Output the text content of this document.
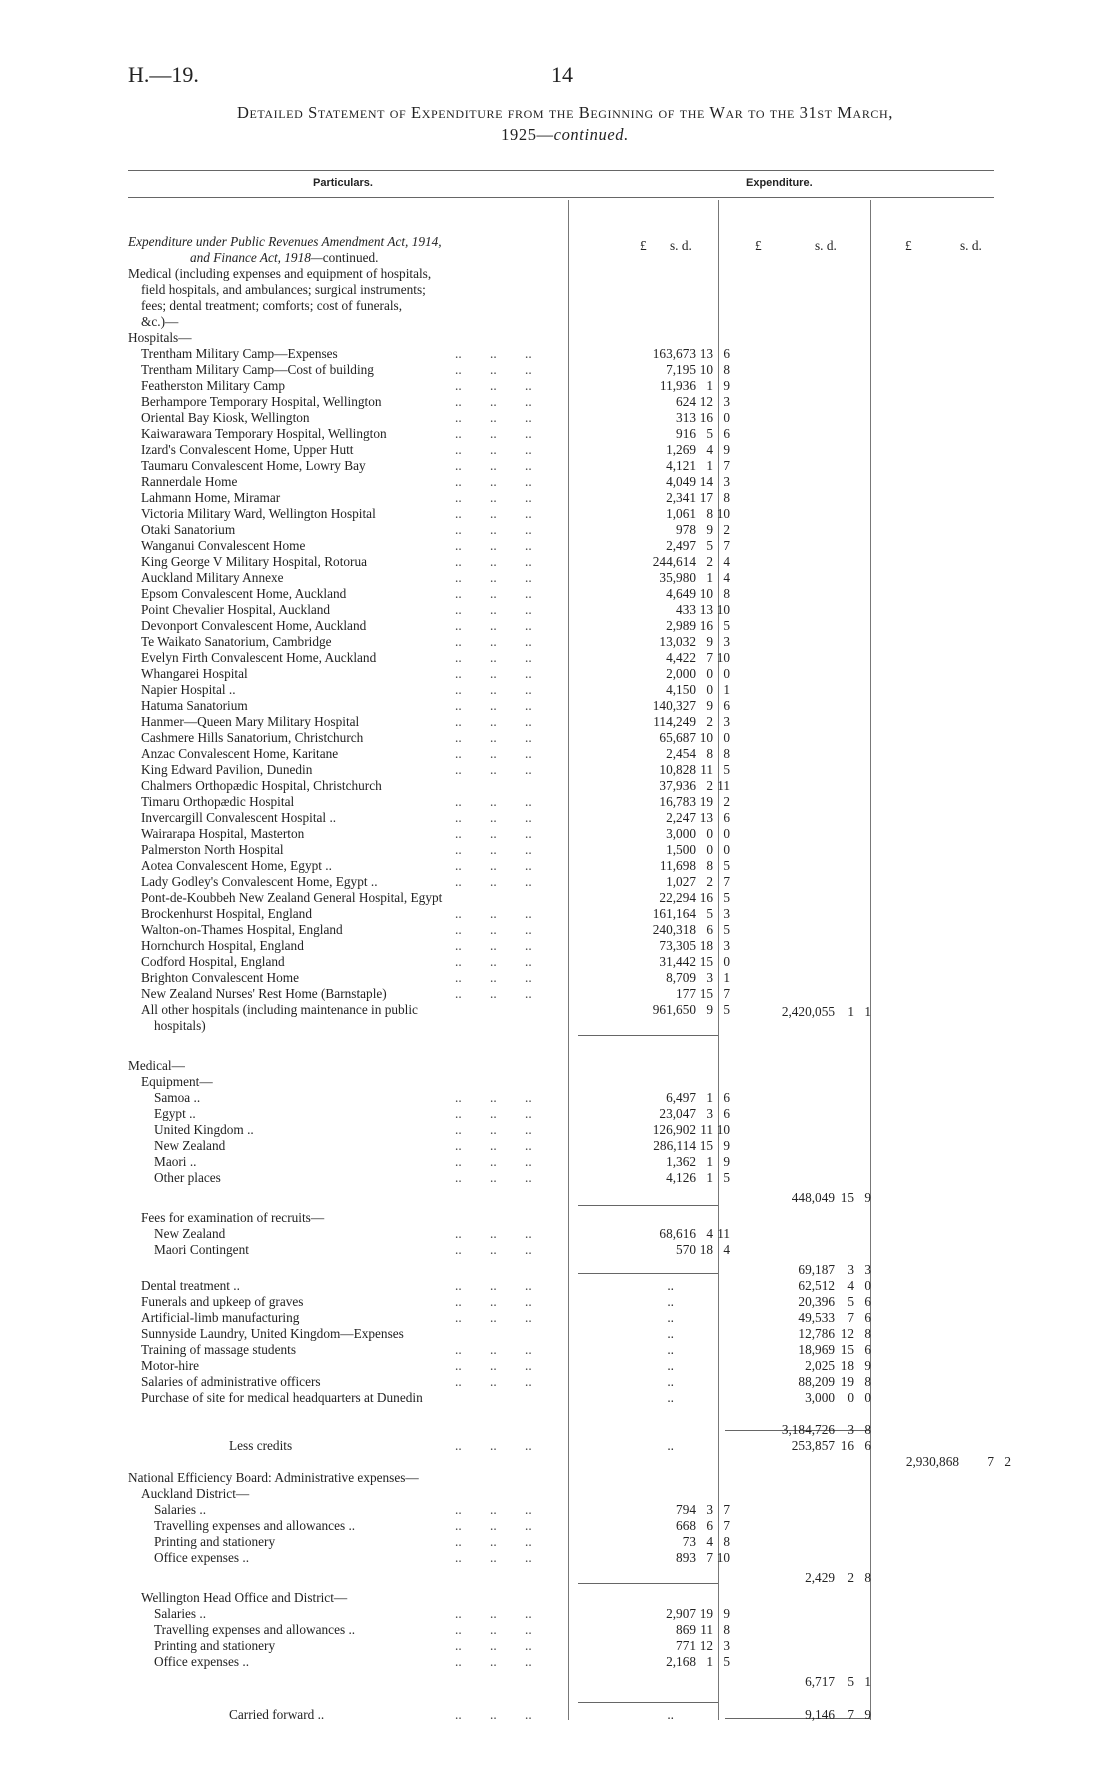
H.—19.	14
Detailed Statement of Expenditure from the Beginning of the War to the 31st March,
1925—continued.
Particulars.	Expenditure.
£ s. d.	£	s. d.	£	s. d.
Expenditure under Public Revenues Amendment Act, 1914,
and Finance Act, 1918—continued.
Medical (including expenses and equipment of hospitals,
field hospitals, and ambulances; surgical instruments;
fees; dental treatment; comforts; cost of funerals,
&c.)—
Hospitals—
Trentham Military Camp—Expenses	.. .. ..	163,673 13 6
Trentham Military Camp—Cost of building	.. .. ..	7,195 10 8
Featherston Military Camp	.. .. ..	11,936 1 9
Berhampore Temporary Hospital, Wellington	.. .. ..	624 12 3
Oriental Bay Kiosk, Wellington	.. .. ..	313 16 0
Kaiwarawara Temporary Hospital, Wellington	.. .. ..	916 5 6
Izard's Convalescent Home, Upper Hutt	.. .. ..	1,269 4 9
Taumaru Convalescent Home, Lowry Bay	.. .. ..	4,121 1 7
Rannerdale Home	.. .. ..	4,049 14 3
Lahmann Home, Miramar	.. .. ..	2,341 17 8
Victoria Military Ward, Wellington Hospital	.. .. ..	1,061 8 10
Otaki Sanatorium	.. .. ..	978 9 2
Wanganui Convalescent Home	.. .. ..	2,497 5 7
King George V Military Hospital, Rotorua	.. .. ..	244,614 2 4
Auckland Military Annexe	.. .. ..	35,980 1 4
Epsom Convalescent Home, Auckland	.. .. ..	4,649 10 8
Point Chevalier Hospital, Auckland	.. .. ..	433 13 10
Devonport Convalescent Home, Auckland	.. .. ..	2,989 16 5
Te Waikato Sanatorium, Cambridge	.. .. ..	13,032 9 3
Evelyn Firth Convalescent Home, Auckland	.. .. ..	4,422 7 10
Whangarei Hospital	.. .. ..	2,000 0 0
Napier Hospital ..	.. .. ..	4,150 0 1
Hatuma Sanatorium	.. .. ..	140,327 9 6
Hanmer—Queen Mary Military Hospital	.. .. ..	114,249 2 3
Cashmere Hills Sanatorium, Christchurch	.. .. ..	65,687 10 0
Anzac Convalescent Home, Karitane	.. .. ..	2,454 8 8
King Edward Pavilion, Dunedin	.. .. ..	10,828 11 5
Chalmers Orthopædic Hospital, Christchurch	37,936 2 11
Timaru Orthopædic Hospital	.. .. ..	16,783 19 2
Invercargill Convalescent Hospital ..	.. .. ..	2,247 13 6
Wairarapa Hospital, Masterton	.. .. ..	3,000 0 0
Palmerston North Hospital	.. .. ..	1,500 0 0
Aotea Convalescent Home, Egypt ..	.. .. ..	11,698 8 5
Lady Godley's Convalescent Home, Egypt ..	.. .. ..	1,027 2 7
Pont-de-Koubbeh New Zealand General Hospital, Egypt	22,294 16 5
Brockenhurst Hospital, England	.. .. ..	161,164 5 3
Walton-on-Thames Hospital, England	.. .. ..	240,318 6 5
Hornchurch Hospital, England	.. .. ..	73,305 18 3
Codford Hospital, England	.. .. ..	31,442 15 0
Brighton Convalescent Home	.. .. ..	8,709 3 1
New Zealand Nurses' Rest Home (Barnstaple)	.. .. ..	177 15 7
All other hospitals (including maintenance in public	961,650 9 5
hospitals)
2,420,055 1 1
Medical—
Equipment—
Samoa ..	.. .. ..	6,497 1 6
Egypt ..	.. .. ..	23,047 3 6
United Kingdom ..	.. .. ..	126,902 11 10
New Zealand	.. .. ..	286,114 15 9
Maori ..	.. .. ..	1,362 1 9
Other places	.. .. ..	4,126 1 5
448,049 15 9
Fees for examination of recruits—
New Zealand	.. .. ..	68,616 4 11
Maori Contingent	.. .. ..	570 18 4
69,187 3 3
Dental treatment ..	.. .. ..	..	62,512 4 0
Funerals and upkeep of graves	.. .. ..	..	20,396 5 6
Artificial-limb manufacturing	.. .. ..	..	49,533 7 6
Sunnyside Laundry, United Kingdom—Expenses	..	12,786 12 8
Training of massage students	.. .. ..	..	18,969 15 6
Motor-hire	.. .. ..	..	2,025 18 9
Salaries of administrative officers	.. .. ..	..	88,209 19 8
Purchase of site for medical headquarters at Dunedin	..	3,000 0 0
3,184,726 3 8
Less credits	.. .. ..	..	253,857 16 6
National Efficiency Board: Administrative expenses—
2,930,868 7 2
Auckland District—
Salaries ..	.. .. ..	794 3 7
Travelling expenses and allowances ..	.. .. ..	668 6 7
Printing and stationery	.. .. ..	73 4 8
Office expenses ..	.. .. ..	893 7 10
2,429 2 8
Wellington Head Office and District—
Salaries ..	.. .. ..	2,907 19 9
Travelling expenses and allowances ..	.. .. ..	869 11 8
Printing and stationery	.. .. ..	771 12 3
Office expenses ..	.. .. ..	2,168 1 5
6,717 5 1
Carried forward ..	.. .. ..	..	9,146 7 9
